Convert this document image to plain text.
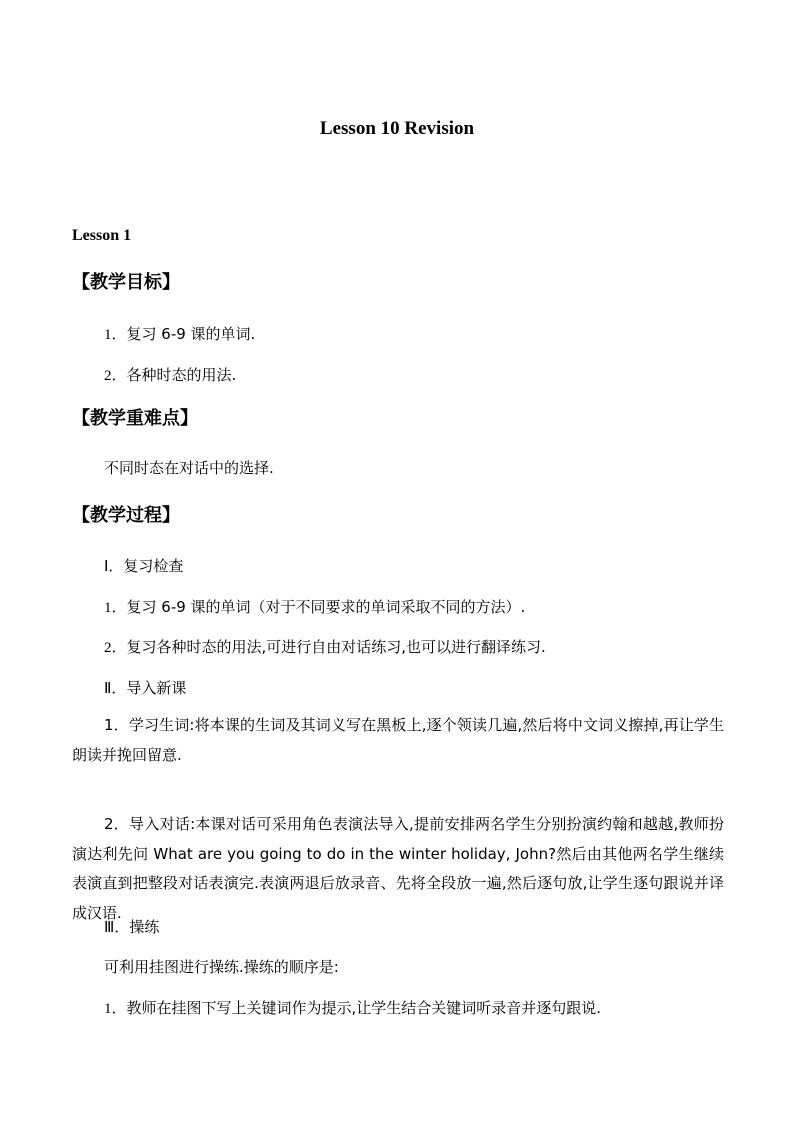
Lesson 10 Revision
Lesson 1
【教学目标】
1．复习 6-9 课的单词.
2．各种时态的用法.
【教学重难点】
不同时态在对话中的选择.
【教学过程】
Ⅰ．复习检查
1．复习 6-9 课的单词（对于不同要求的单词采取不同的方法）.
2．复习各种时态的用法,可进行自由对话练习,也可以进行翻译练习.
Ⅱ．导入新课
1．学习生词:将本课的生词及其词义写在黑板上,逐个领读几遍,然后将中文词义擦掉,再让学生朗读并挽回留意.
2．导入对话:本课对话可采用角色表演法导入,提前安排两名学生分别扮演约翰和越越,教师扮演达利先问 What are you going to do in the winter holiday, John?然后由其他两名学生继续表演直到把整段对话表演完.表演两退后放录音、先将全段放一遍,然后逐句放,让学生逐句跟说并译成汉语.
Ⅲ．操练
可利用挂图进行操练.操练的顺序是:
1．教师在挂图下写上关键词作为提示,让学生结合关键词听录音并逐句跟说.
